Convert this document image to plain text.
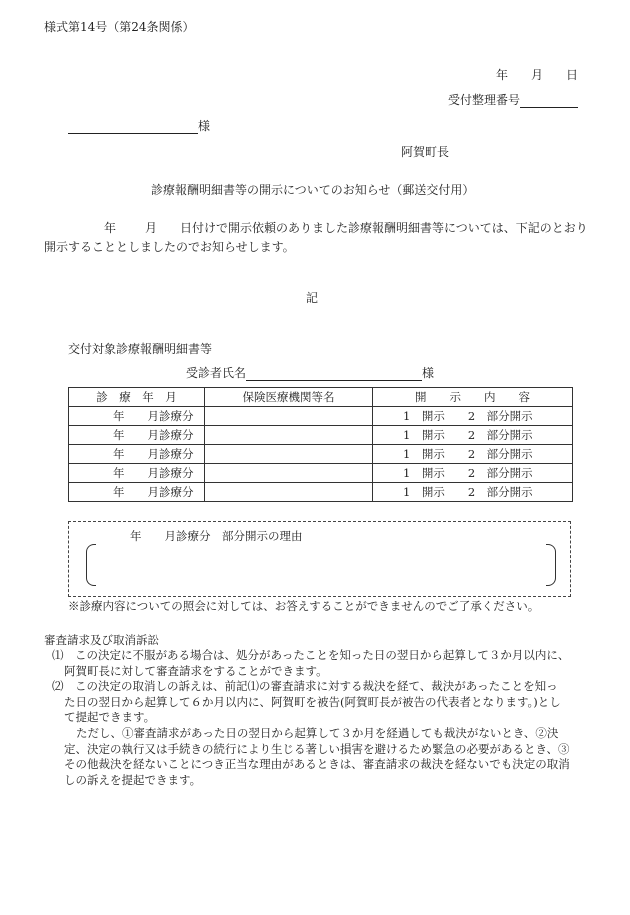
様式第14号（第24条関係）
年 月 日
受付整理番号
様
阿賀町長
診療報酬明細書等の開示についてのお知らせ（郵送交付用）
年 月 日付けで開示依頼のありました診療報酬明細書等については、下記のとおり
開示することとしましたのでお知らせします。
記
交付対象診療報酬明細書等
受診者氏名	様
診　療　年　月	保険医療機関等名	開　　示　　内　　容
年　　月診療分		1　開示　　2　部分開示
年　　月診療分		1　開示　　2　部分開示
年　　月診療分		1　開示　　2　部分開示
年　　月診療分		1　開示　　2　部分開示
年　　月診療分		1　開示　　2　部分開示
年　　月診療分　部分開示の理由
※診療内容についての照会に対しては、お答えすることができませんのでご了承ください。
審査請求及び取消訴訟
⑴　 この決定に不服がある場合は、処分があったことを知った日の翌日から起算して３か月以内に、
阿賀町長に対して審査請求をすることができます。
⑵　 この決定の取消しの訴えは、前記⑴の審査請求に対する裁決を経て、裁決があったことを知っ
た日の翌日から起算して６か月以内に、阿賀町を被告(阿賀町長が被告の代表者となります。)とし
て提起できます。
ただし、①審査請求があった日の翌日から起算して３か月を経過しても裁決がないとき、②決
定、決定の執行又は手続きの続行により生じる著しい損害を避けるため緊急の必要があるとき、③
その他裁決を経ないことにつき正当な理由があるときは、審査請求の裁決を経ないでも決定の取消
しの訴えを提起できます。
